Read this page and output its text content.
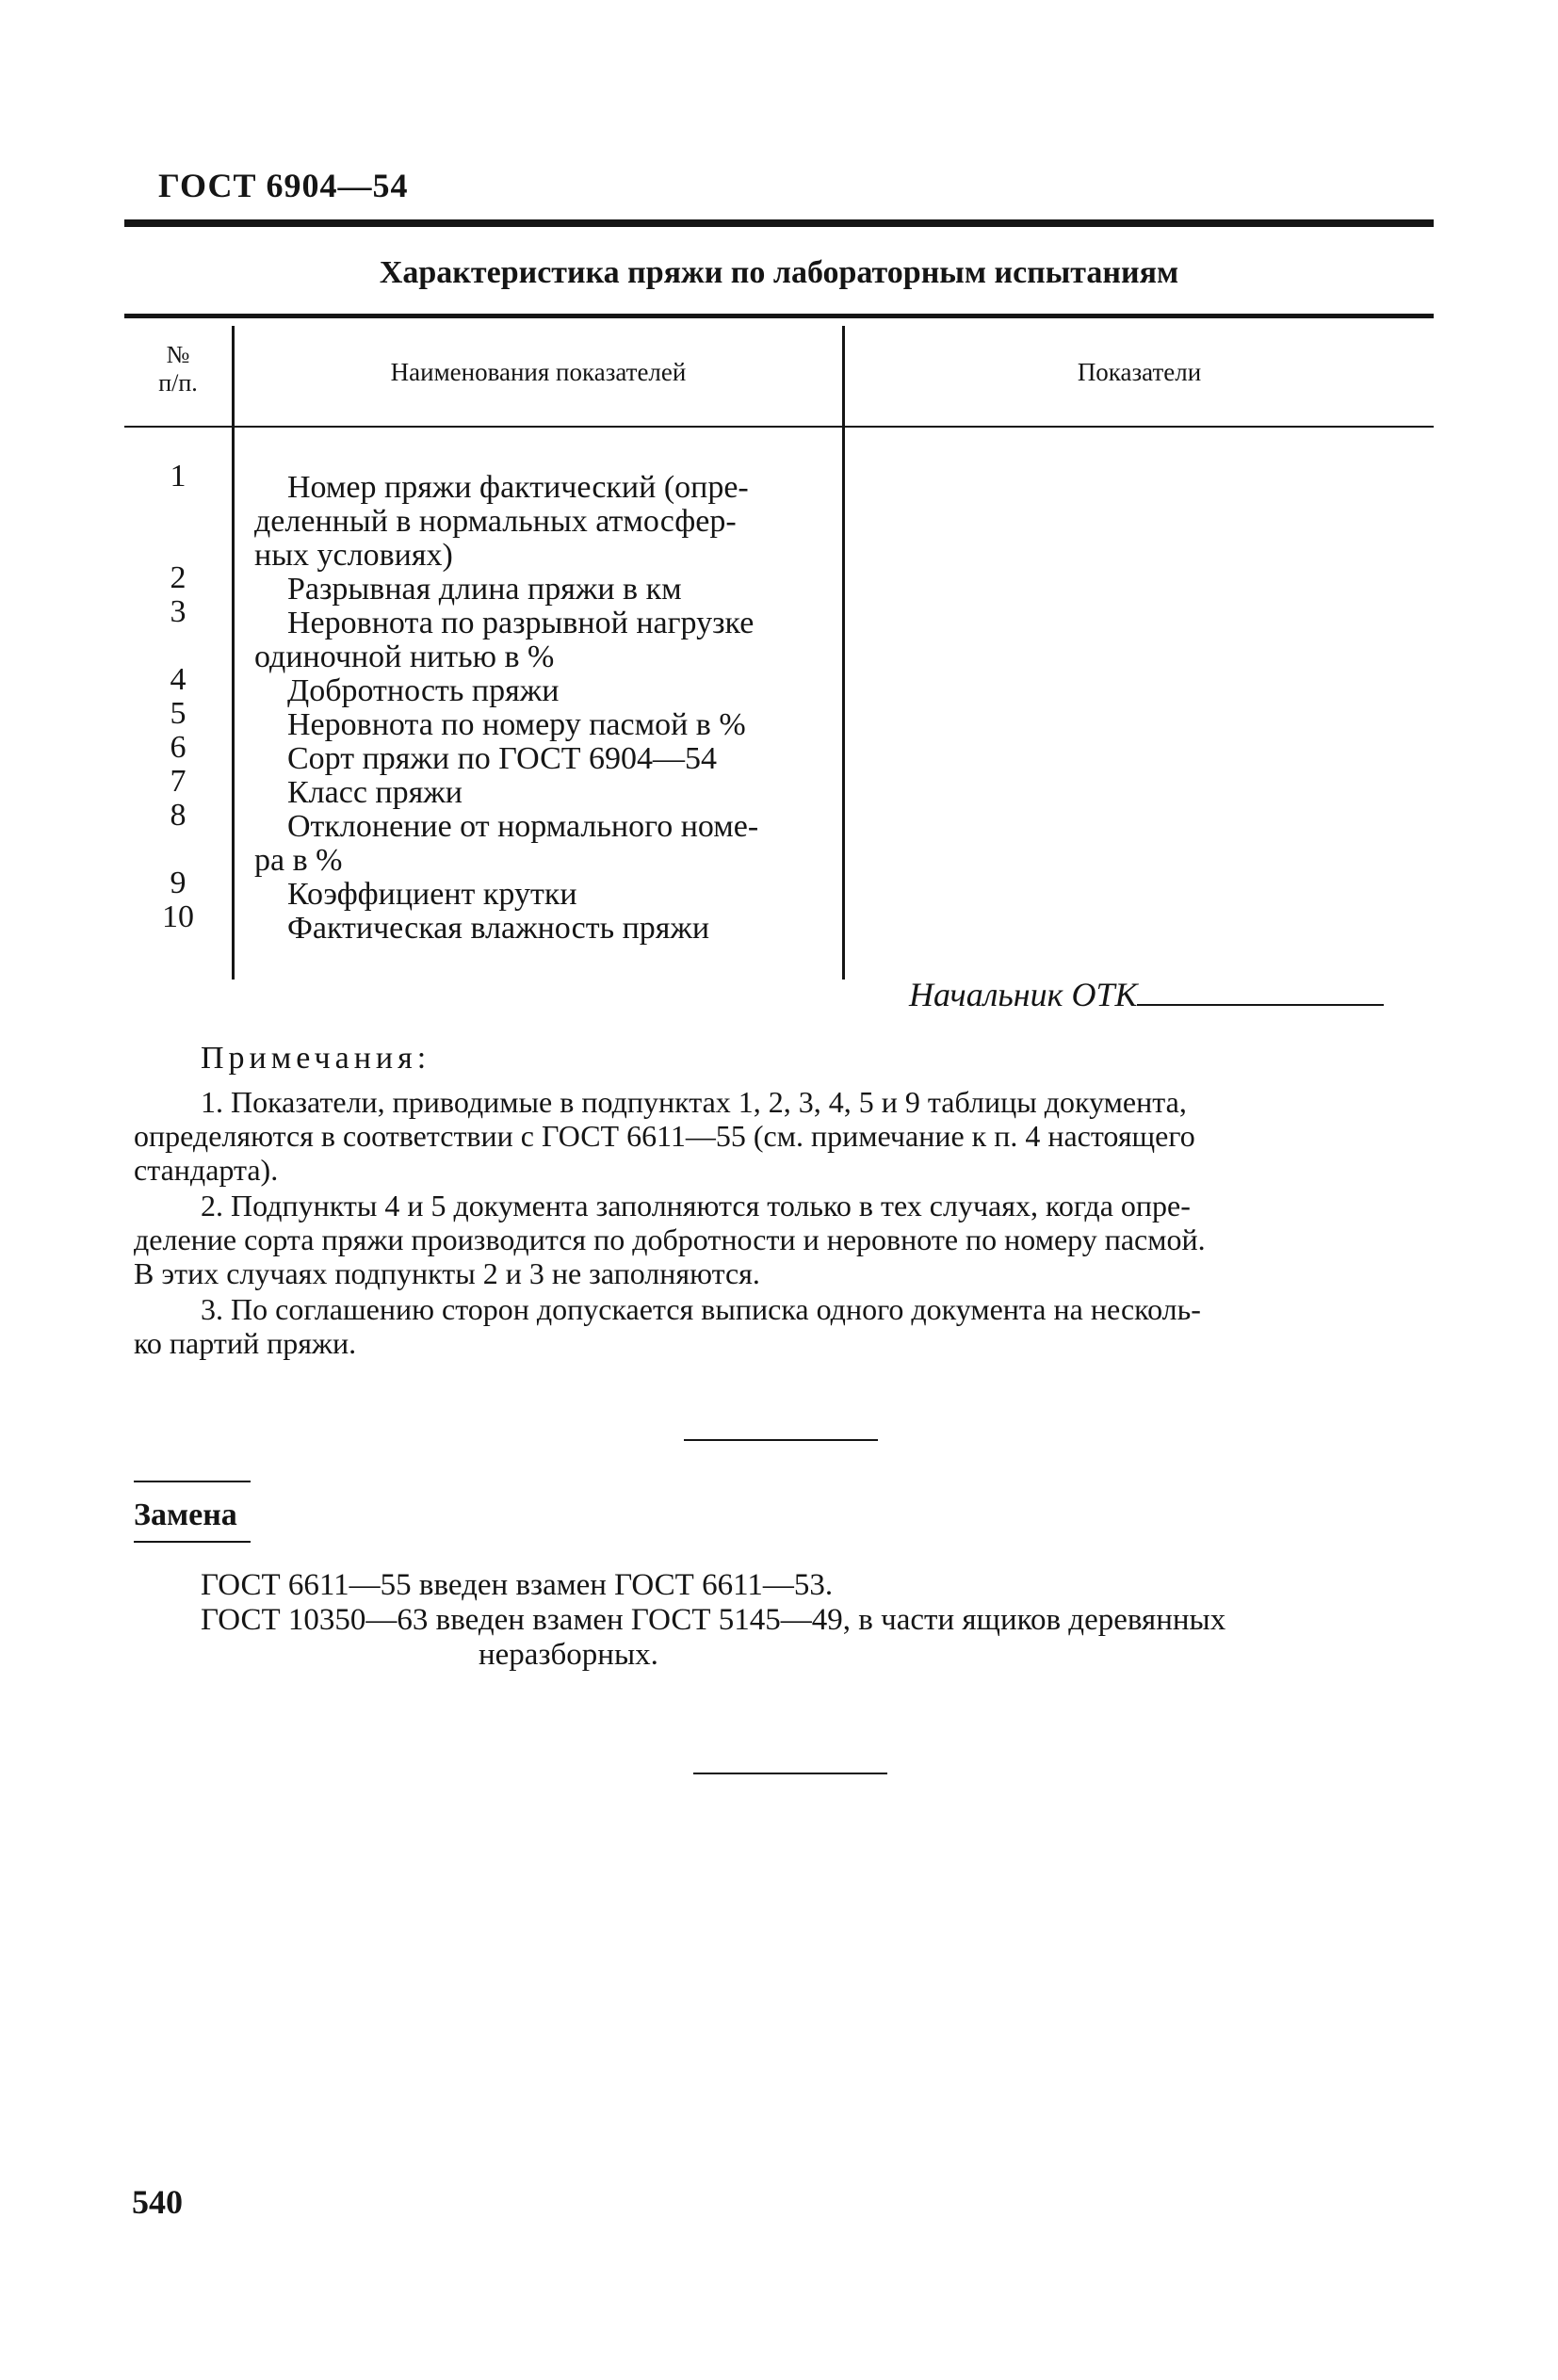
ГОСТ 6904—54
Характеристика пряжи по лабораторным испытаниям
№
п/п.	Наименования показателей	Показатели
1
2
3
4
5
6
7
8
9
10
Номер пряжи фактический (опре-
деленный в нормальных атмосфер-
ных условиях)
Разрывная длина пряжи в км
Неровнота по разрывной нагрузке
одиночной нитью в %
Добротность пряжи
Неровнота по номеру пасмой в %
Сорт пряжи по ГОСТ 6904—54
Класс пряжи
Отклонение от нормального номе-
ра в %
Коэффициент крутки
Фактическая влажность пряжи
Начальник ОТК
Примечания:
1. Показатели, приводимые в подпунктах 1, 2, 3, 4, 5 и 9 таблицы документа,
определяются в соответствии с ГОСТ 6611—55 (см. примечание к п. 4 настоящего
стандарта).
2. Подпункты 4 и 5 документа заполняются только в тех случаях, когда опре-
деление сорта пряжи производится по добротности и неровноте по номеру пасмой.
В этих случаях подпункты 2 и 3 не заполняются.
3. По соглашению сторон допускается выписка одного документа на несколь-
ко партий пряжи.
Замена
ГОСТ 6611—55 введен взамен ГОСТ 6611—53.
ГОСТ 10350—63 введен взамен ГОСТ 5145—49, в части ящиков деревянных
неразборных.
540
